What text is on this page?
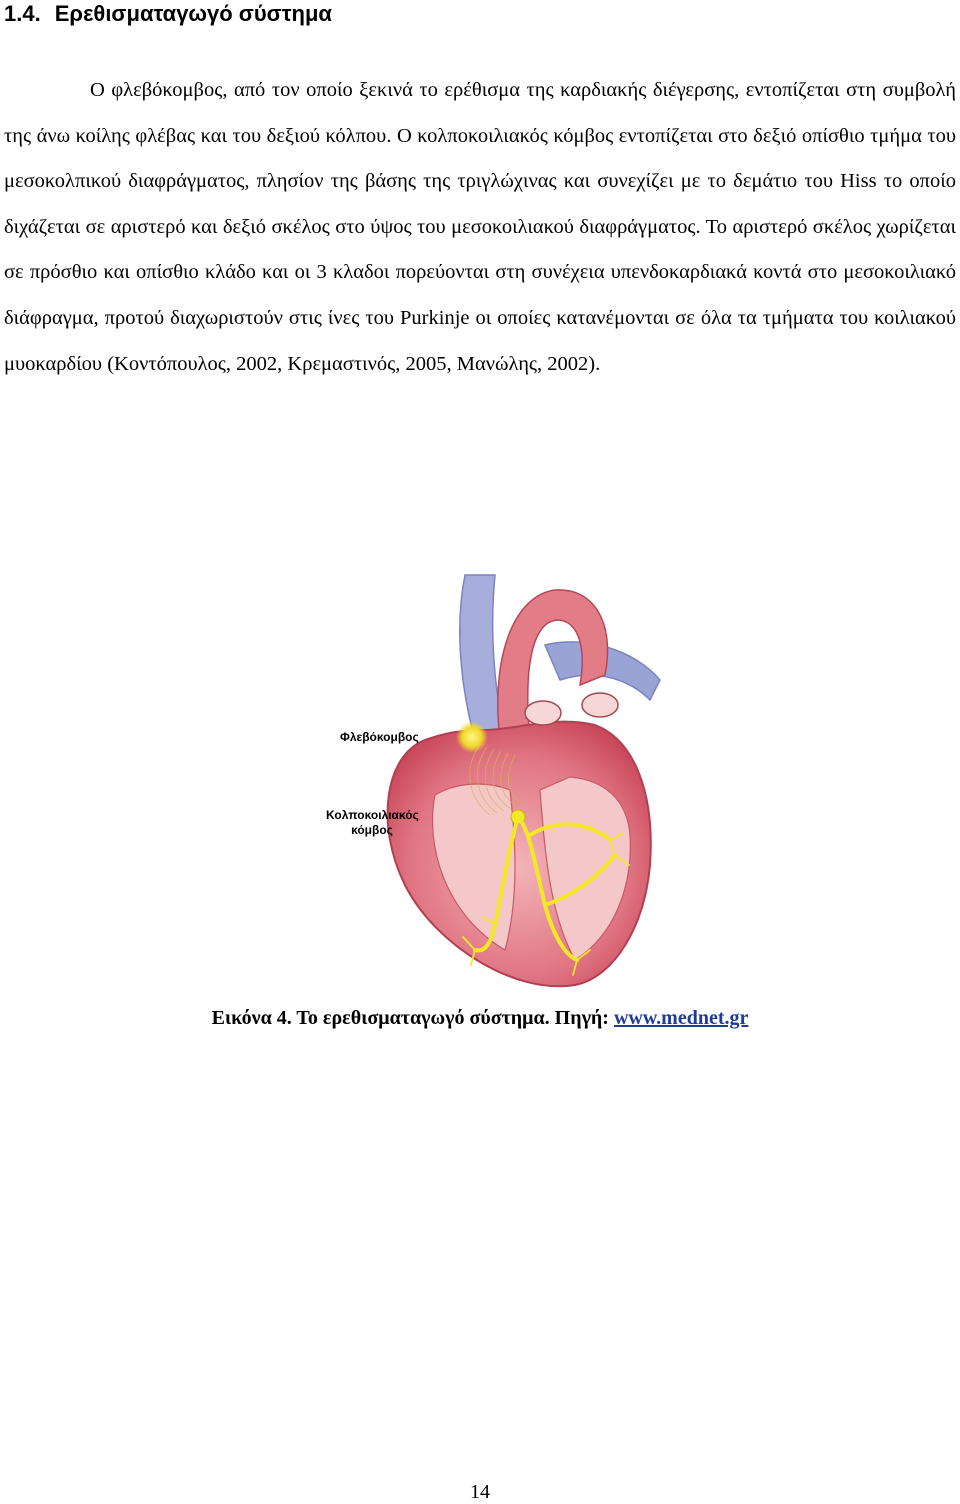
1.4. Ερεθισματαγωγό σύστημα

Ο φλεβόκομβος, από τον οποίο ξεκινά το ερέθισμα της καρδιακής διέγερσης, εντοπίζεται στη συμβολή της άνω κοίλης φλέβας και του δεξιού κόλπου. Ο κολποκοιλιακός κόμβος εντοπίζεται στο δεξιό οπίσθιο τμήμα του μεσοκολπικού διαφράγματος, πλησίον της βάσης της τριγλώχινας και συνεχίζει με το δεμάτιο του Hiss το οποίο διχάζεται σε αριστερό και δεξιό σκέλος στο ύψος του μεσοκοιλιακού διαφράγματος. Το αριστερό σκέλος χωρίζεται σε πρόσθιο και οπίσθιο κλάδο και οι 3 κλαδοι πορεύονται στη συνέχεια υπενδοκαρδιακά κοντά στο μεσοκοιλιακό διάφραγμα, προτού διαχωριστούν στις ίνες του Purkinje οι οποίες κατανέμονται σε όλα τα τμήματα του κοιλιακού μυοκαρδίου (Κοντόπουλος, 2002, Κρεμαστινός, 2005, Μανώλης, 2002).

Φλεβόκομβος
Κολποκοιλιακός κόμβος
Εικόνα 4. Το ερεθισματαγωγό σύστημα. Πηγή: www.mednet.gr
14
